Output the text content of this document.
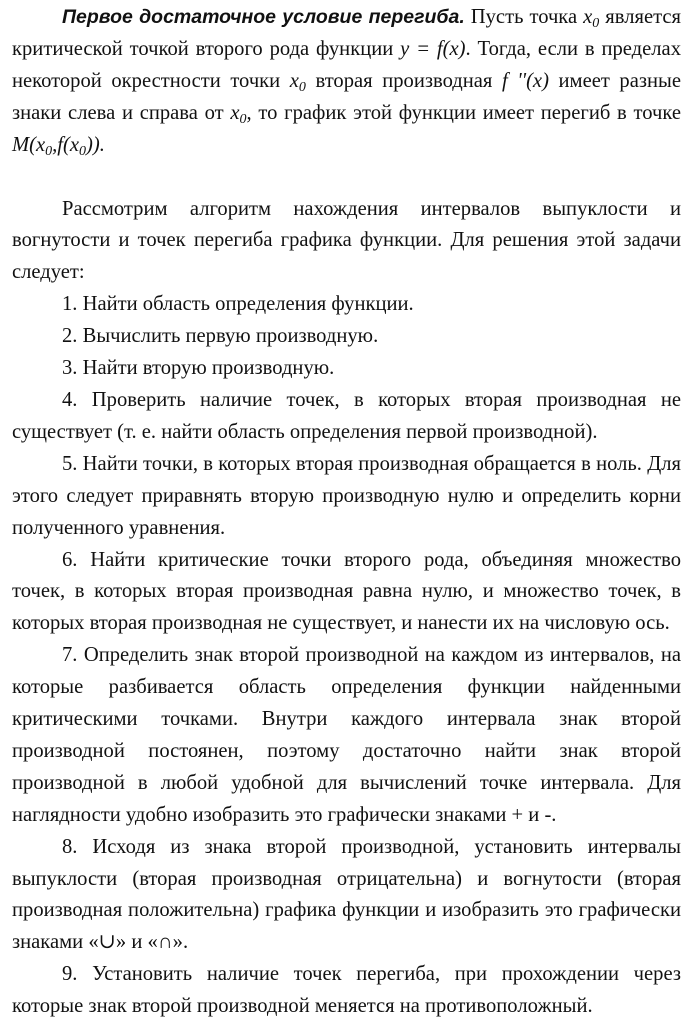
Первое достаточное условие перегиба. Пусть точка $x_0$ является критической точкой второго рода функции y = f(x). Тогда, если в пределах некоторой окрестности точки $x_0$ вторая производная f ''(x) имеет разные знаки слева и справа от $x_0$, то график этой функции имеет перегиб в точке $M(x_0,f(x_0))$.

Рассмотрим алгоритм нахождения интервалов выпуклости и вогнутости и точек перегиба графика функции. Для решения этой задачи следует:

1. Найти область определения функции.

2. Вычислить первую производную.

3. Найти вторую производную.

4. Проверить наличие точек, в которых вторая производная не существует (т. е. найти область определения первой производной).

5. Найти точки, в которых вторая производная обращается в ноль. Для этого следует приравнять вторую производную нулю и определить корни полученного уравнения.

6. Найти критические точки второго рода, объединяя множество точек, в которых вторая производная равна нулю, и множество точек, в которых вторая производная не существует, и нанести их на числовую ось.

7. Определить знак второй производной на каждом из интервалов, на которые разбивается область определения функции найденными критическими точками. Внутри каждого интервала знак второй производной постоянен, поэтому достаточно найти знак второй производной в любой удобной для вычислений точке интервала. Для наглядности удобно изобразить это графически знаками + и -.

8. Исходя из знака второй производной, установить интервалы выпуклости (вторая производная отрицательна) и вогнутости (вторая производная положительна) графика функции и изобразить это графически знаками «∪» и «∩».

9. Установить наличие точек перегиба, при прохождении через которые знак второй производной меняется на противоположный.
